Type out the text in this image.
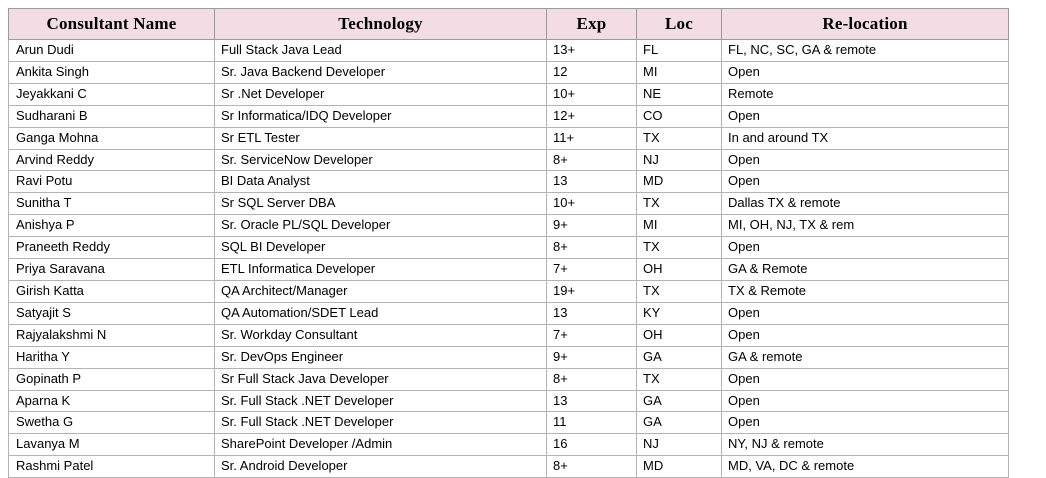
Consultant Name	Technology	Exp	Loc	Re-location
Arun Dudi	Full Stack Java Lead	13+	FL	FL, NC, SC, GA & remote
Ankita Singh	Sr. Java Backend Developer	12	MI	Open
Jeyakkani C	Sr .Net Developer	10+	NE	Remote
Sudharani B	Sr Informatica/IDQ Developer	12+	CO	Open
Ganga Mohna	Sr ETL Tester	11+	TX	In and around TX
Arvind Reddy	Sr. ServiceNow Developer	8+	NJ	Open
Ravi Potu	BI Data Analyst	13	MD	Open
Sunitha T	Sr SQL Server DBA	10+	TX	Dallas TX & remote
Anishya P	Sr. Oracle PL/SQL Developer	9+	MI	MI, OH, NJ, TX & rem
Praneeth Reddy	SQL BI Developer	8+	TX	Open
Priya Saravana	ETL Informatica Developer	7+	OH	GA & Remote
Girish Katta	QA Architect/Manager	19+	TX	TX & Remote
Satyajit S	QA Automation/SDET Lead	13	KY	Open
Rajyalakshmi N	Sr. Workday Consultant	7+	OH	Open
Haritha Y	Sr. DevOps Engineer	9+	GA	GA & remote
Gopinath P	Sr Full Stack Java Developer	8+	TX	Open
Aparna K	Sr. Full Stack .NET Developer	13	GA	Open
Swetha G	Sr. Full Stack .NET Developer	11	GA	Open
Lavanya M	SharePoint Developer /Admin	16	NJ	NY, NJ & remote
Rashmi Patel	Sr. Android Developer	8+	MD	MD, VA, DC & remote
